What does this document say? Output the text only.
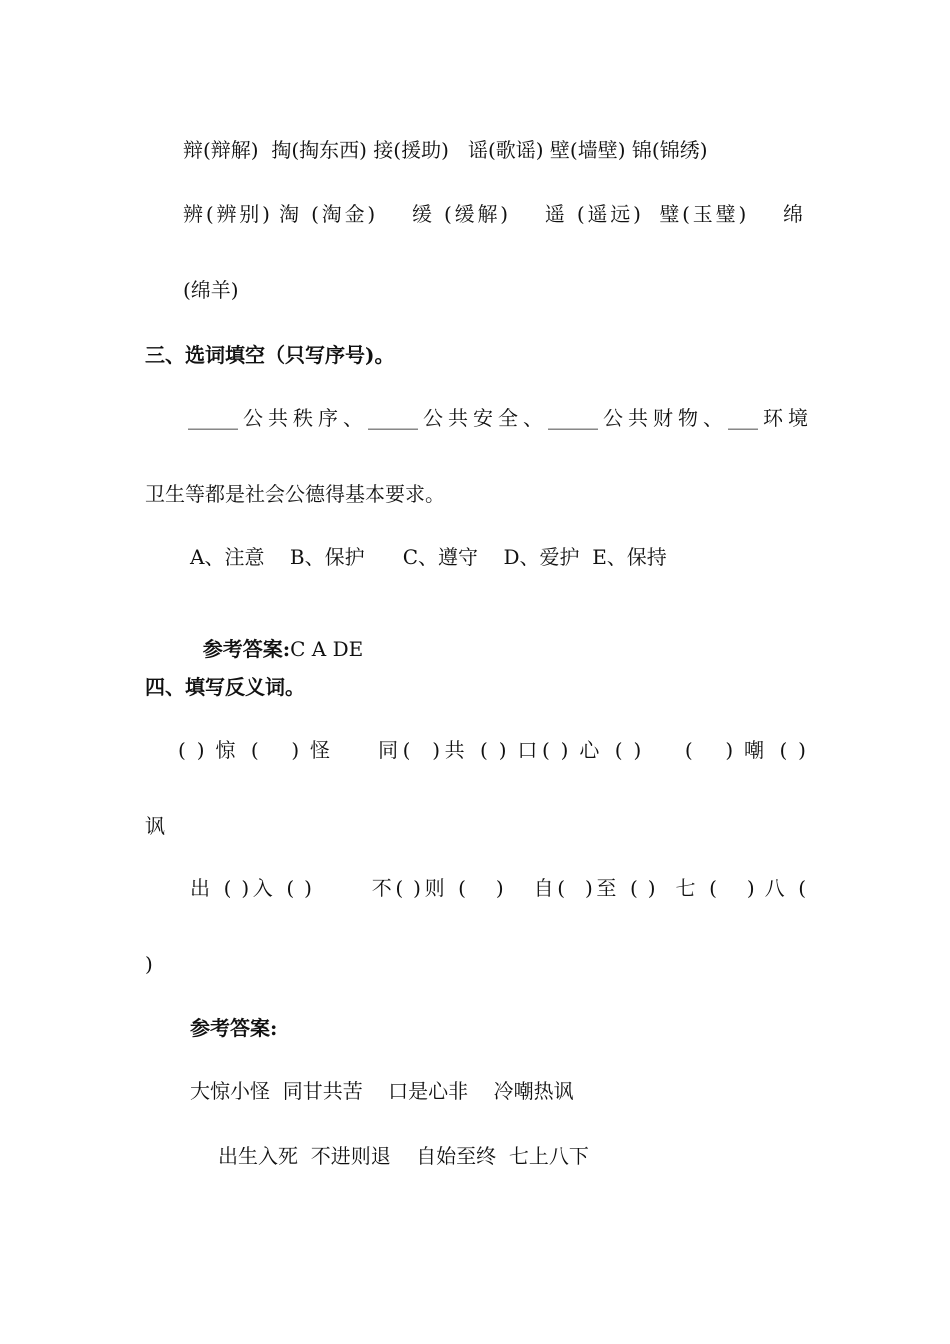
辩(辩解)  掏(掏东西) 接(援助)   谣(歌谣) 壁(墙壁) 锦(锦绣)
辨(辨别) 淘 (淘金)    缓 (缓解)    遥 (遥远)  璧(玉璧)    绵
(绵羊)
三、选词填空（只写序号)。
_____公共秩序、_____公共安全、_____公共财物、___环境
卫生等都是社会公德得基本要求。
A、注意    B、保护      C、遵守    D、爱护  E、保持

参考答案:C A DE

四、填写反义词。
( ) 惊 (   ) 怪    同(  )共 ( ) 口( ) 心 ( )    (   ) 嘲 ( )
讽
出 ( )入 ( )      不( )则 (   )   自(  )至 ( )  七 (   ) 八 (
)
参考答案:
大惊小怪  同甘共苦    口是心非    冷嘲热讽
出生入死  不进则退    自始至终  七上八下
